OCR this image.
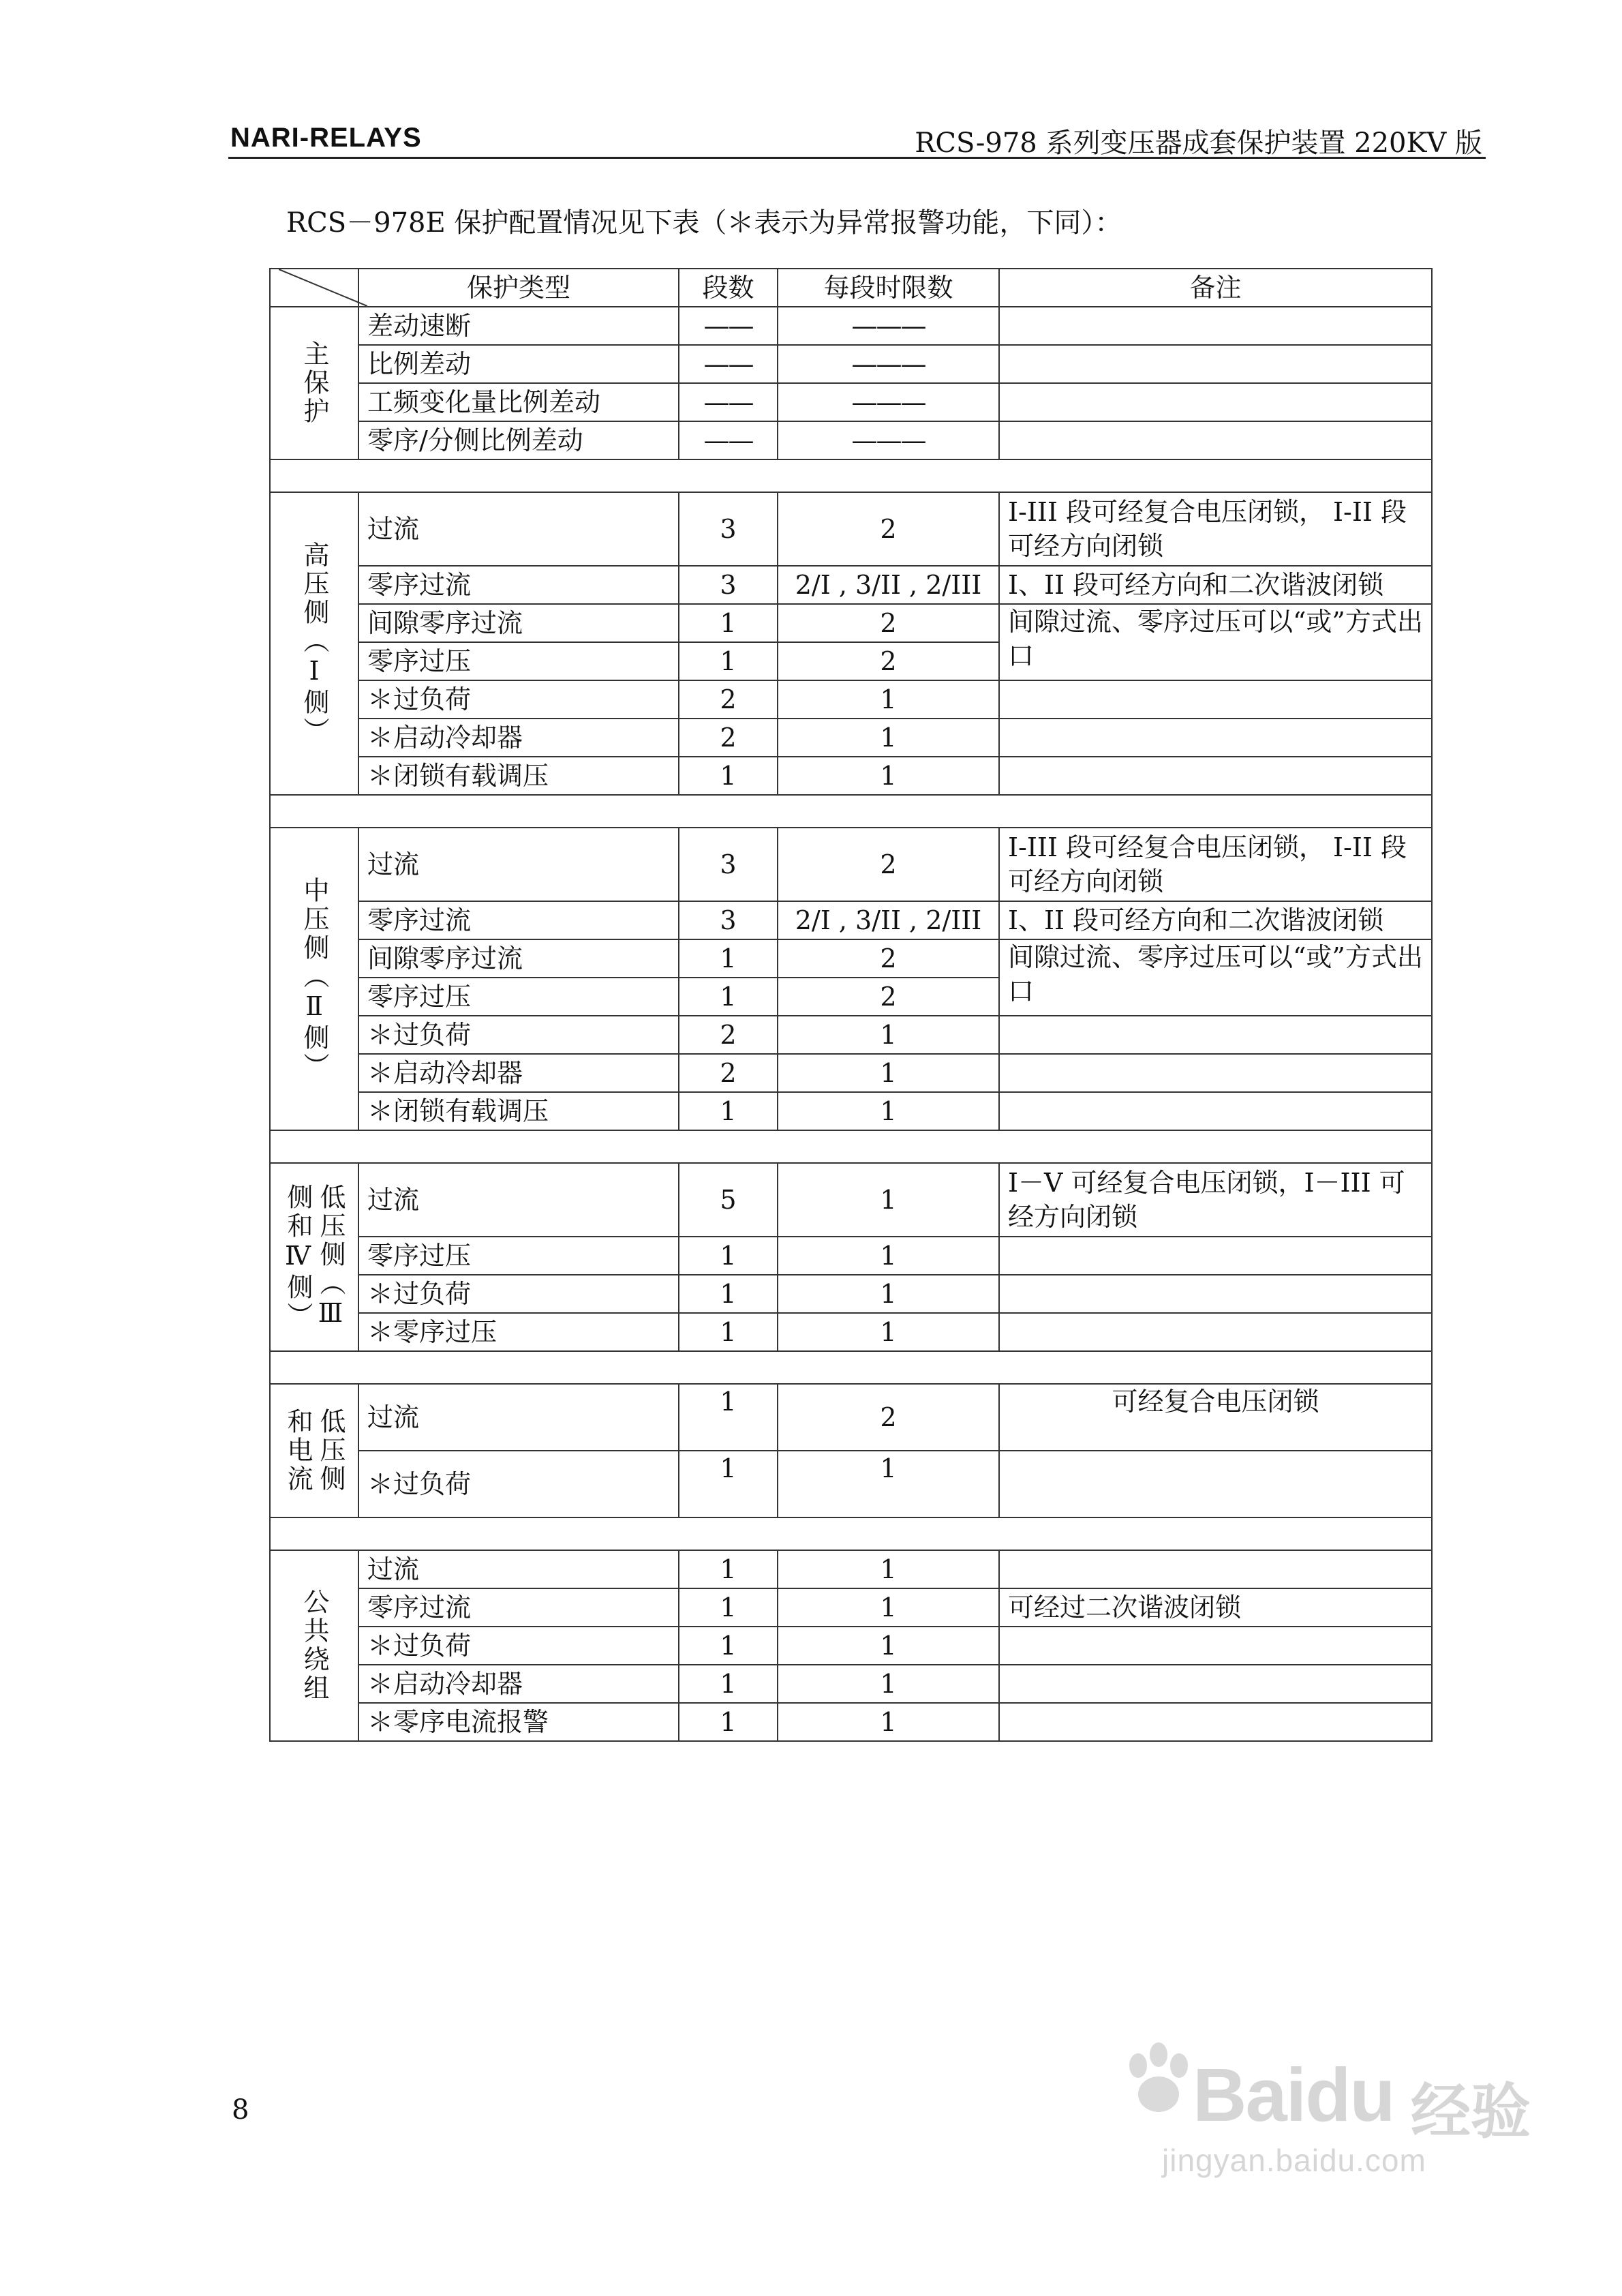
NARI-RELAYS	RCS-978 系列变压器成套保护装置 220KV 版
RCS－978E 保护配置情况见下表（＊表示为异常报警功能，下同）：
	保护类型	段数	每段时限数	备注

主保护	差动速断	——	———	
	比例差动	——	———	
	工频变化量比例差动	——	———	
	零序/分侧比例差动	——	———	

高压侧（Ⅰ侧）	过流	3	2	I-III 段可经复合电压闭锁， I-II 段可经方向闭锁
	零序过流	3	2/I , 3/II , 2/III	I、II 段可经方向和二次谐波闭锁
	间隙零序过流	1	2	间隙过流、零序过压可以“或”方式出口
	零序过压	1	2	
	＊过负荷	2	1	
	＊启动冷却器	2	1	
	＊闭锁有载调压	1	1	

中压侧（Ⅱ侧）	过流	3	2	I-III 段可经复合电压闭锁， I-II 段可经方向闭锁
	零序过流	3	2/I , 3/II , 2/III	I、II 段可经方向和二次谐波闭锁
	间隙零序过流	1	2	间隙过流、零序过压可以“或”方式出口
	零序过压	1	2	
	＊过负荷	2	1	
	＊启动冷却器	2	1	
	＊闭锁有载调压	1	1	

低压侧（Ⅲ
侧和Ⅳ侧）	过流	5	1	I－V 可经复合电压闭锁，I－III 可经方向闭锁
	零序过压	1	1	
	＊过负荷	1	1	
	＊零序过压	1	1	

低压侧
和电流	过流	1	2	可经复合电压闭锁
	＊过负荷	1	1	

公共绕组	过流	1	1	
	零序过流	1	1	可经过二次谐波闭锁
	＊过负荷	1	1	
	＊启动冷却器	1	1	
	＊零序电流报警	1	1	
8	Baidu 经验
jingyan.baidu.com
